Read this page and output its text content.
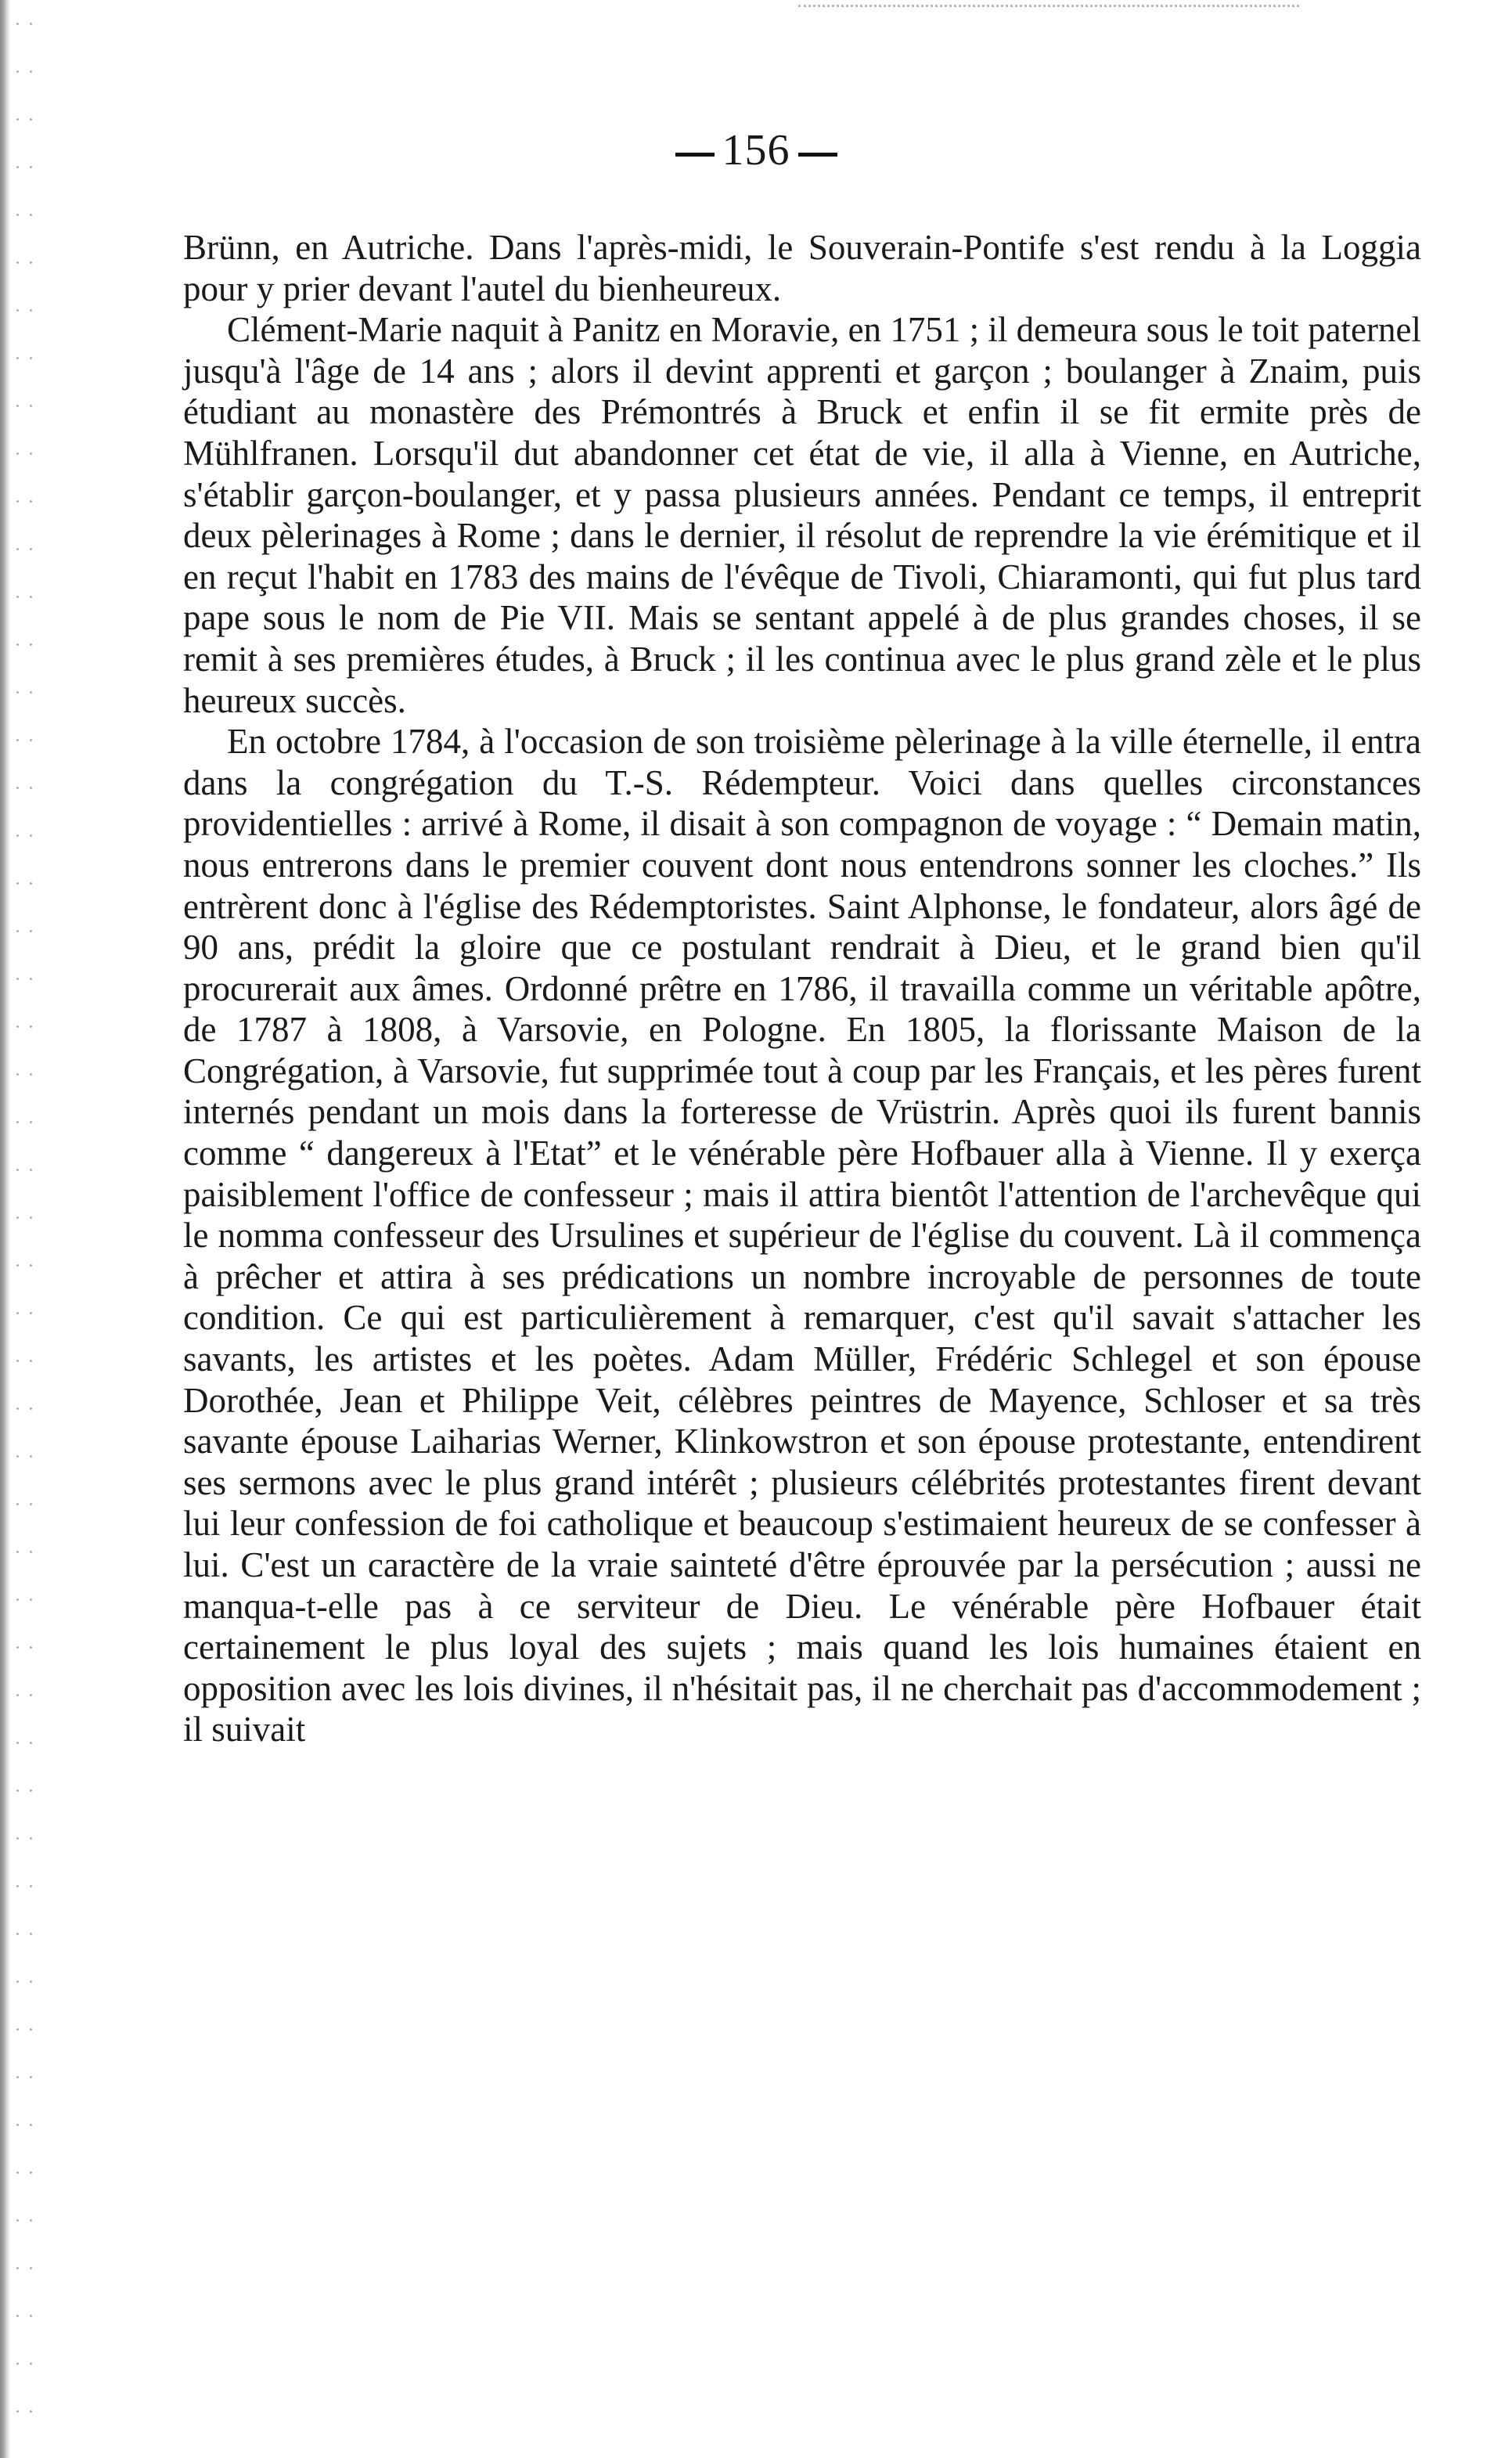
156

Brünn, en Autriche. Dans l'après-midi, le Souverain-Pontife s'est rendu à la Loggia pour y prier devant l'autel du bienheureux.

Clément-Marie naquit à Panitz en Moravie, en 1751 ; il demeura sous le toit paternel jusqu'à l'âge de 14 ans ; alors il devint apprenti et garçon ; boulanger à Znaim, puis étudiant au monastère des Prémontrés à Bruck et enfin il se fit ermite près de Mühlfranen. Lorsqu'il dut abandonner cet état de vie, il alla à Vienne, en Autriche, s'établir garçon-boulanger, et y passa plusieurs années. Pendant ce temps, il entreprit deux pèlerinages à Rome ; dans le dernier, il résolut de reprendre la vie érémitique et il en reçut l'habit en 1783 des mains de l'évêque de Tivoli, Chiaramonti, qui fut plus tard pape sous le nom de Pie VII. Mais se sentant appelé à de plus grandes choses, il se remit à ses premières études, à Bruck ; il les continua avec le plus grand zèle et le plus heureux succès.

En octobre 1784, à l'occasion de son troisième pèlerinage à la ville éternelle, il entra dans la congrégation du T.-S. Rédempteur. Voici dans quelles circonstances providentielles : arrivé à Rome, il disait à son compagnon de voyage : “ Demain matin, nous entrerons dans le premier couvent dont nous entendrons sonner les cloches.” Ils entrèrent donc à l'église des Rédemptoristes. Saint Alphonse, le fondateur, alors âgé de 90 ans, prédit la gloire que ce postulant rendrait à Dieu, et le grand bien qu'il procurerait aux âmes. Ordonné prêtre en 1786, il travailla comme un véritable apôtre, de 1787 à 1808, à Varsovie, en Pologne. En 1805, la florissante Maison de la Congrégation, à Varsovie, fut supprimée tout à coup par les Français, et les pères furent internés pendant un mois dans la forteresse de Vrüstrin. Après quoi ils furent bannis comme “ dangereux à l'Etat” et le vénérable père Hofbauer alla à Vienne. Il y exerça paisiblement l'office de confesseur ; mais il attira bientôt l'attention de l'archevêque qui le nomma confesseur des Ursulines et supérieur de l'église du couvent. Là il commença à prêcher et attira à ses prédications un nombre incroyable de personnes de toute condition. Ce qui est particulièrement à remarquer, c'est qu'il savait s'attacher les savants, les artistes et les poètes. Adam Müller, Frédéric Schlegel et son épouse Dorothée, Jean et Philippe Veit, célèbres peintres de Mayence, Schloser et sa très savante épouse Laiharias Werner, Klinkowstron et son épouse protestante, entendirent ses sermons avec le plus grand intérêt ; plusieurs célébrités protestantes firent devant lui leur confession de foi catholique et beaucoup s'estimaient heureux de se confesser à lui. C'est un caractère de la vraie sainteté d'être éprouvée par la persécution ; aussi ne manqua-t-elle pas à ce serviteur de Dieu. Le vénérable père Hofbauer était certainement le plus loyal des sujets ; mais quand les lois humaines étaient en opposition avec les lois divines, il n'hésitait pas, il ne cherchait pas d'accommodement ; il suivait
